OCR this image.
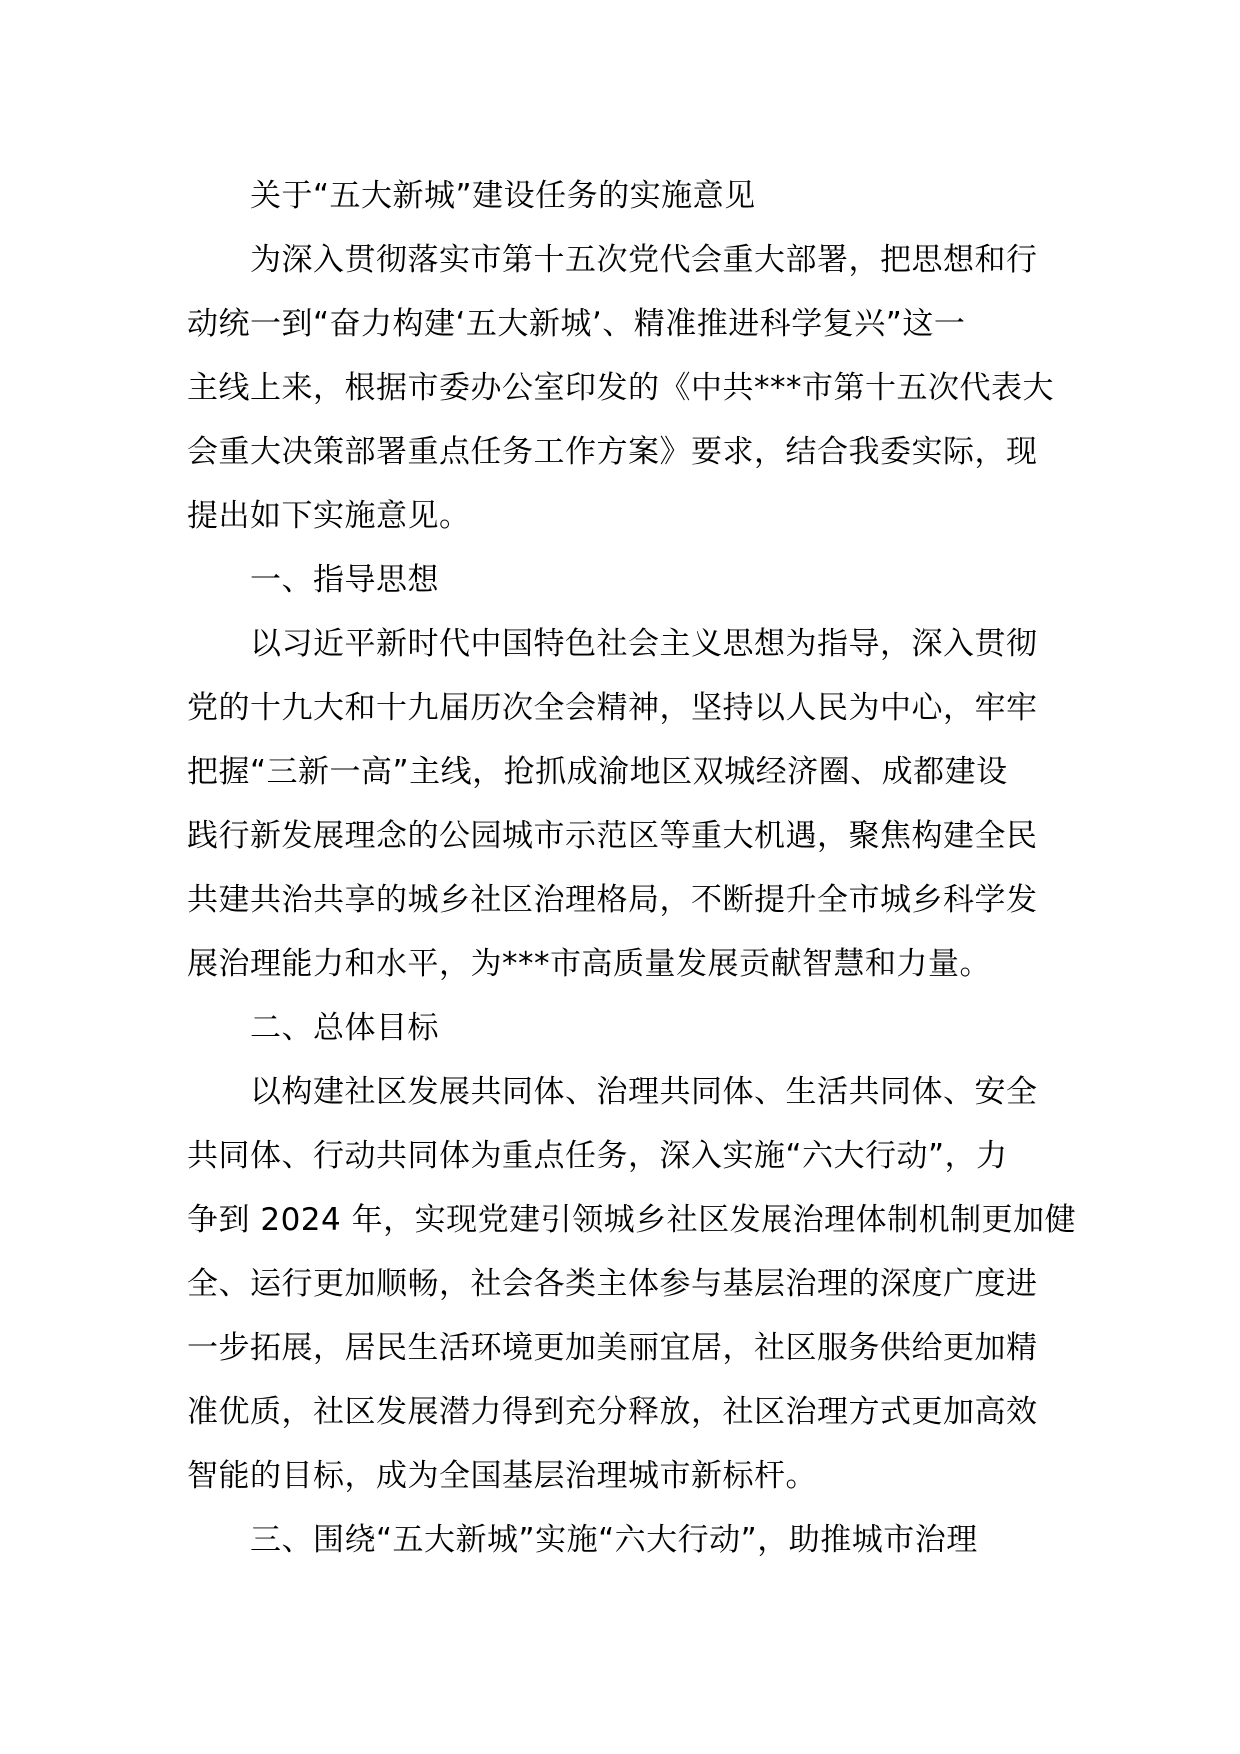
关于“五大新城”建设任务的实施意见
为深入贯彻落实市第十五次党代会重大部署，把思想和行
动统一到“奋力构建‘五大新城’、精准推进科学复兴”这一
主线上来，根据市委办公室印发的《中共***市第十五次代表大
会重大决策部署重点任务工作方案》要求，结合我委实际，现
提出如下实施意见。
一、指导思想
以习近平新时代中国特色社会主义思想为指导，深入贯彻
党的十九大和十九届历次全会精神，坚持以人民为中心，牢牢
把握“三新一高”主线，抢抓成渝地区双城经济圈、成都建设
践行新发展理念的公园城市示范区等重大机遇，聚焦构建全民
共建共治共享的城乡社区治理格局，不断提升全市城乡科学发
展治理能力和水平，为***市高质量发展贡献智慧和力量。
二、总体目标
以构建社区发展共同体、治理共同体、生活共同体、安全
共同体、行动共同体为重点任务，深入实施“六大行动”，力
争到 2024 年，实现党建引领城乡社区发展治理体制机制更加健
全、运行更加顺畅，社会各类主体参与基层治理的深度广度进
一步拓展，居民生活环境更加美丽宜居，社区服务供给更加精
准优质，社区发展潜力得到充分释放，社区治理方式更加高效
智能的目标，成为全国基层治理城市新标杆。
三、围绕“五大新城”实施“六大行动”，助推城市治理
